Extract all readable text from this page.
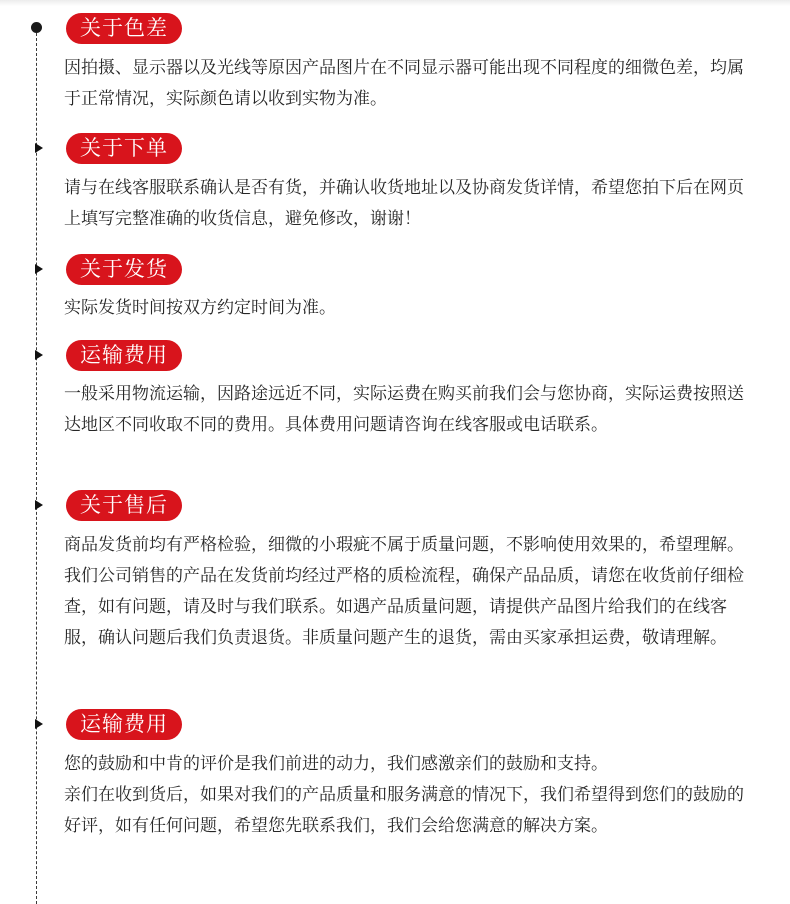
关于色差
因拍摄、显示器以及光线等原因产品图片在不同显示器可能出现不同程度的细微色差，均属于正常情况，实际颜色请以收到实物为准。
关于下单
请与在线客服联系确认是否有货，并确认收货地址以及协商发货详情，希望您拍下后在网页上填写完整准确的收货信息，避免修改，谢谢！
关于发货
实际发货时间按双方约定时间为准。
运输费用
一般采用物流运输，因路途远近不同，实际运费在购买前我们会与您协商，实际运费按照送达地区不同收取不同的费用。具体费用问题请咨询在线客服或电话联系。
关于售后
商品发货前均有严格检验，细微的小瑕疵不属于质量问题，不影响使用效果的，希望理解。我们公司销售的产品在发货前均经过严格的质检流程，确保产品品质，请您在收货前仔细检查，如有问题，请及时与我们联系。如遇产品质量问题，请提供产品图片给我们的在线客服，确认问题后我们负责退货。非质量问题产生的退货，需由买家承担运费，敬请理解。
运输费用
您的鼓励和中肯的评价是我们前进的动力，我们感激亲们的鼓励和支持。
亲们在收到货后，如果对我们的产品质量和服务满意的情况下，我们希望得到您们的鼓励的好评，如有任何问题，希望您先联系我们，我们会给您满意的解决方案。
